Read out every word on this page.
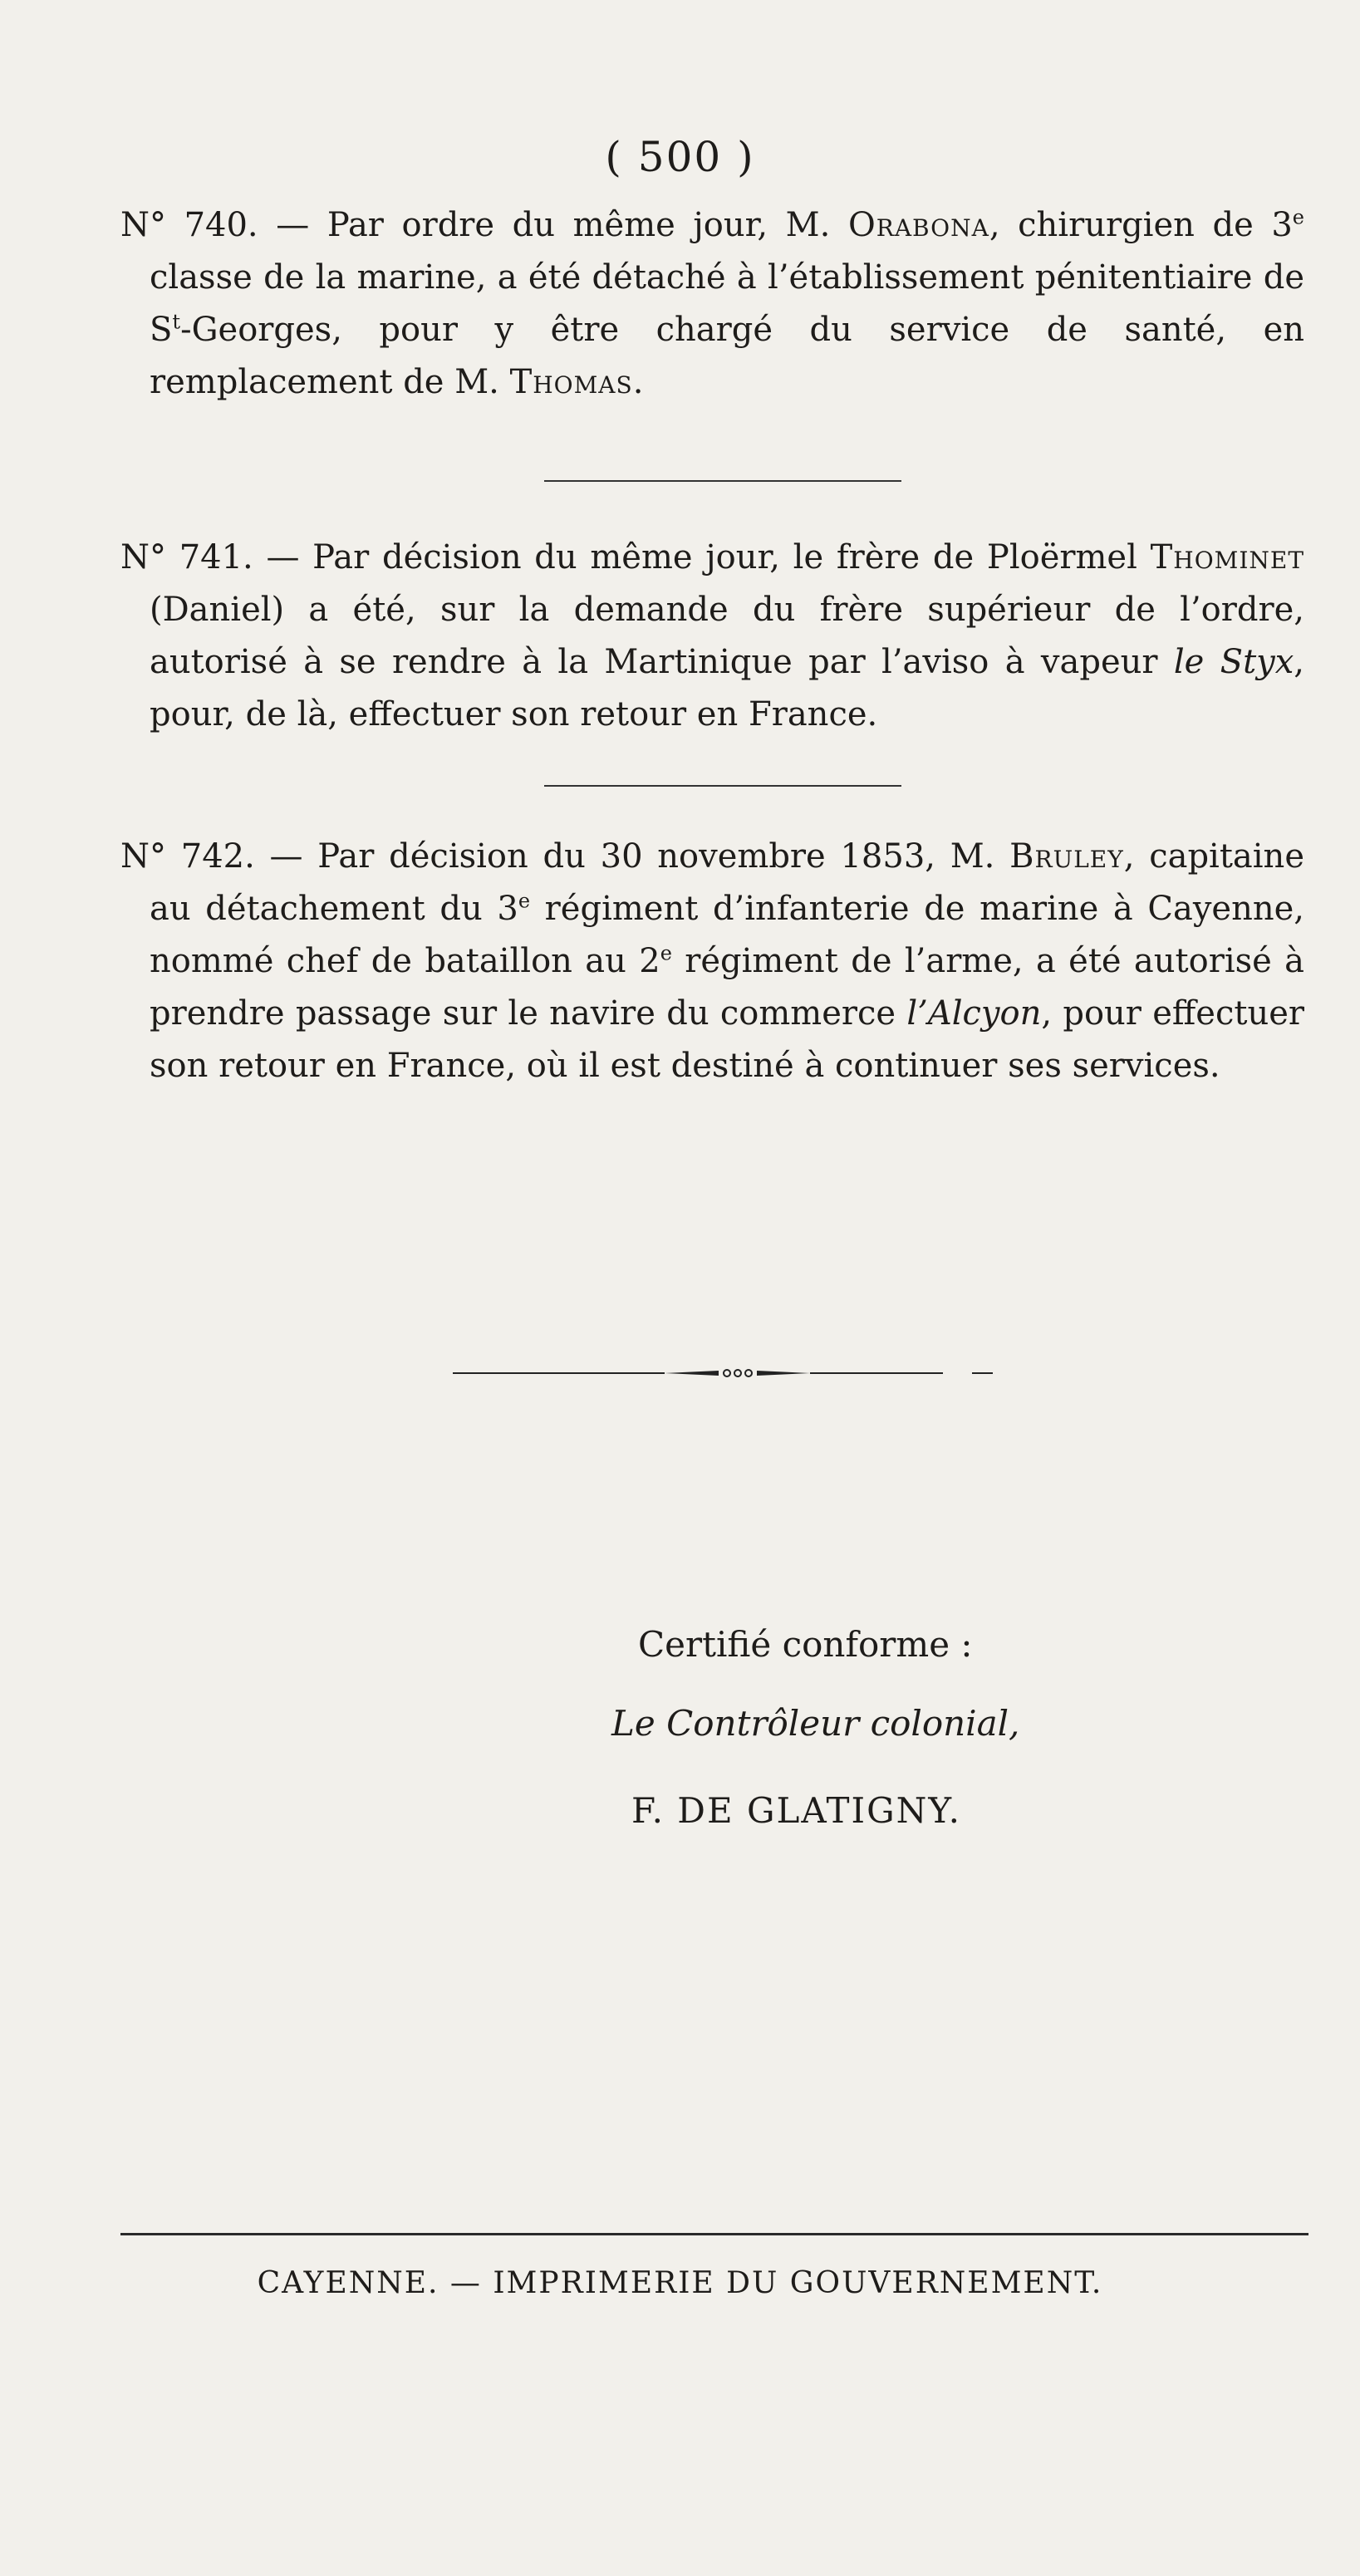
( 500 )
N° 740. — Par ordre du même jour, M. Orabona, chirurgien de 3e classe de la marine, a été détaché à l’établissement pénitentiaire de $S^t$-Georges, pour y être chargé du service de santé, en remplacement de M. Thomas.
N° 741. — Par décision du même jour, le frère de Ploërmel Thominet (Daniel) a été, sur la demande du frère supérieur de l’ordre, autorisé à se rendre à la Martinique par l’aviso à vapeur le Styx, pour, de là, effectuer son retour en France.
N° 742. — Par décision du 30 novembre 1853, M. Bruley, capitaine au détachement du 3e régiment d’infanterie de marine à Cayenne, nommé chef de bataillon au 2e régiment de l’arme, a été autorisé à prendre passage sur le navire du commerce l’Alcyon, pour effectuer son retour en France, où il est destiné à continuer ses services.
Certifié conforme :
Le Contrôleur colonial,
F. DE GLATIGNY.
CAYENNE. — IMPRIMERIE DU GOUVERNEMENT.
